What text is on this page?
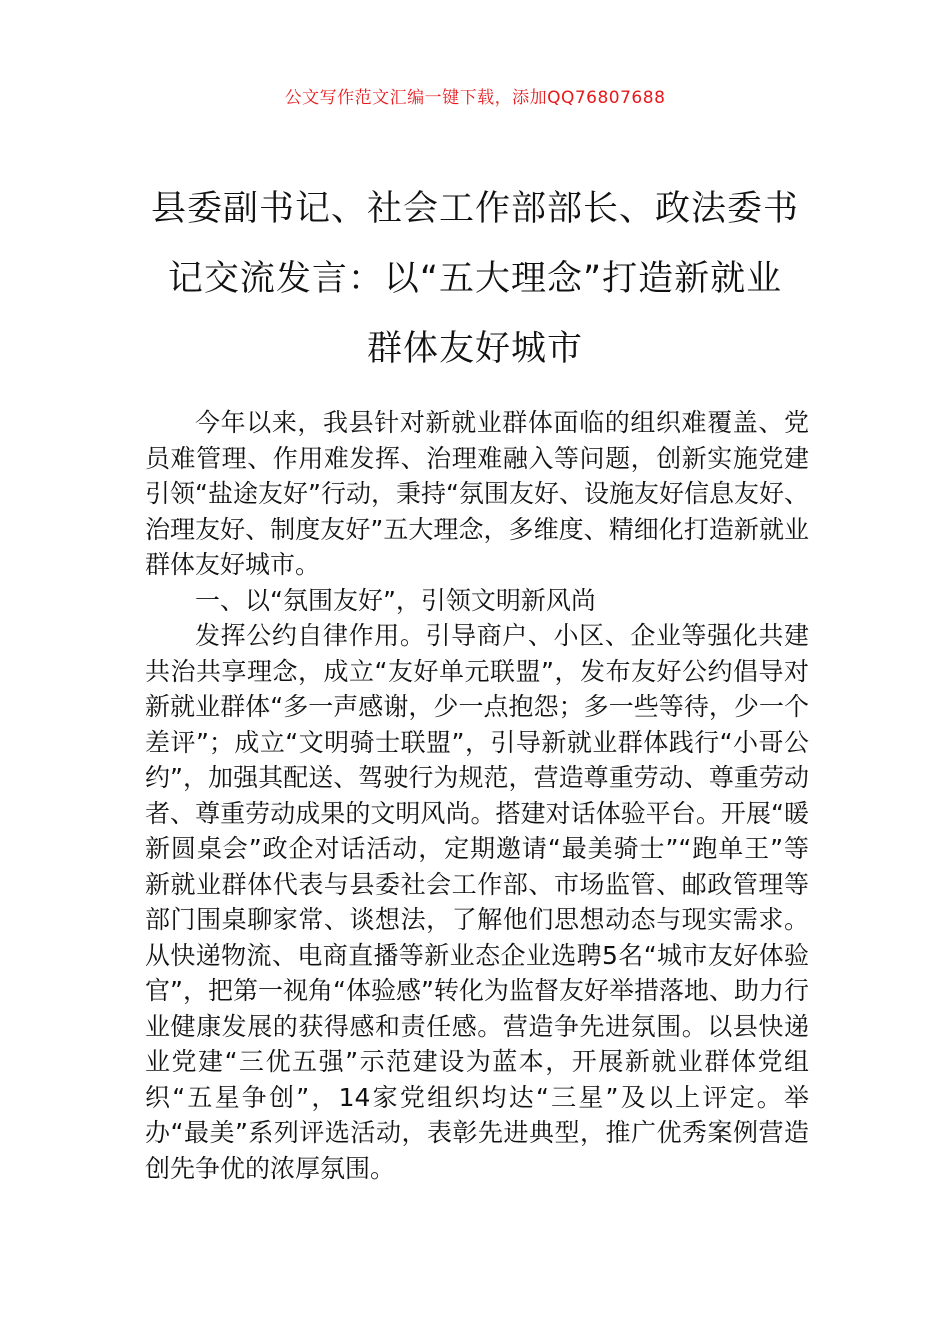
公文写作范文汇编一键下载，添加QQ76807688
县委副书记、社会工作部部长、政法委书
记交流发言：以“五大理念”打造新就业
群体友好城市

今年以来，我县针对新就业群体面临的组织难覆盖、党员难管理、作用难发挥、治理难融入等问题，创新实施党建引领“盐途友好”行动，秉持“氛围友好、设施友好信息友好、治理友好、制度友好”五大理念，多维度、精细化打造新就业群体友好城市。

一、以“氛围友好”，引领文明新风尚

发挥公约自律作用。引导商户、小区、企业等强化共建共治共享理念，成立“友好单元联盟”，发布友好公约倡导对新就业群体“多一声感谢，少一点抱怨；多一些等待，少一个差评”；成立“文明骑士联盟”，引导新就业群体践行“小哥公约”，加强其配送、驾驶行为规范，营造尊重劳动、尊重劳动者、尊重劳动成果的文明风尚。搭建对话体验平台。开展“暖新圆桌会”政企对话活动，定期邀请“最美骑士”“跑单王”等新就业群体代表与县委社会工作部、市场监管、邮政管理等部门围桌聊家常、谈想法，了解他们思想动态与现实需求。从快递物流、电商直播等新业态企业选聘5名“城市友好体验官”，把第一视角“体验感”转化为监督友好举措落地、助力行业健康发展的获得感和责任感。营造争先进氛围。以县快递业党建“三优五强”示范建设为蓝本，开展新就业群体党组织“五星争创”，14家党组织均达“三星”及以上评定。举办“最美”系列评选活动，表彰先进典型，推广优秀案例营造创先争优的浓厚氛围。
